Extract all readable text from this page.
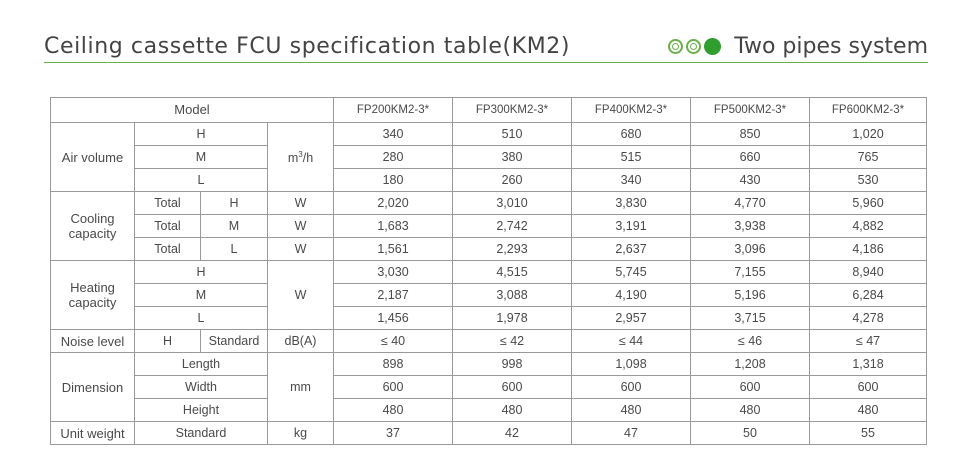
Ceiling cassette FCU specification table(KM2)	Two pipes system
Model				FP200KM2-3*	FP300KM2-3*	FP400KM2-3*	FP500KM2-3*	FP600KM2-3*
Air volume	H		$m^3/h$	340	510	680	850	1,020
	M			280	380	515	660	765
	L			180	260	340	430	530
Cooling capacity	Total	H	W	2,020	3,010	3,830	4,770	5,960
	Total	M	W	1,683	2,742	3,191	3,938	4,882
	Total	L	W	1,561	2,293	2,637	3,096	4,186
Heating capacity	H		W	3,030	4,515	5,745	7,155	8,940
	M			2,187	3,088	4,190	5,196	6,284
	L			1,456	1,978	2,957	3,715	4,278
Noise level	H	Standard	dB(A)	≤ 40	≤ 42	≤ 44	≤ 46	≤ 47
Dimension	Length		mm	898	998	1,098	1,208	1,318
	Width			600	600	600	600	600
	Height			480	480	480	480	480
Unit weight	Standard		kg	37	42	47	50	55
